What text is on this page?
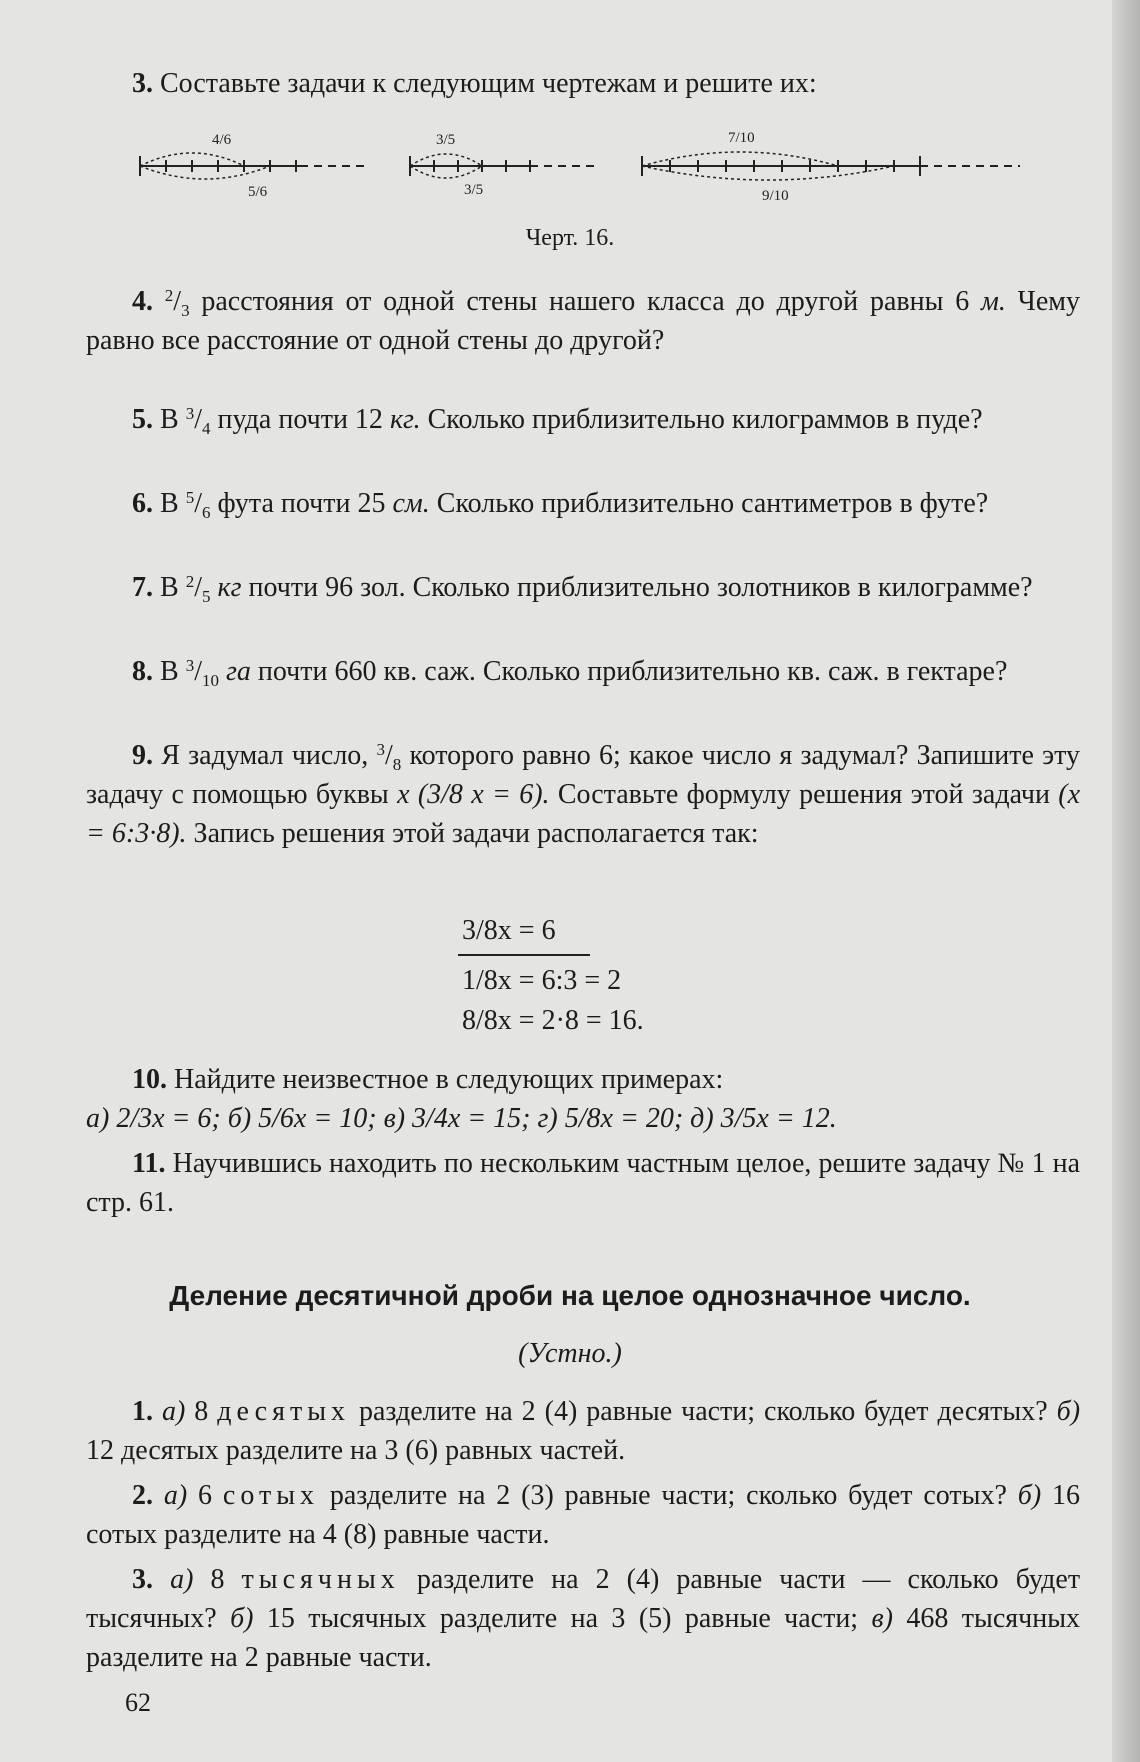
3. Составьте задачи к следующим чертежам и решите их:
4/6
5/6
3/5
3/5
7/10
9/10
Черт. 16.
4. $^2/_3$ расстояния от одной стены нашего класса до другой равны 6 м. Чему равно все расстояние от одной стены до другой?
5. В $^3/_4$ пуда почти 12 кг. Сколько приблизительно килограммов в пуде?
6. В $^5/_6$ фута почти 25 см. Сколько приблизительно сантиметров в футе?
7. В $^2/_5$ кг почти 96 зол. Сколько приблизительно золотников в килограмме?
8. В $^3/_{10}$ га почти 660 кв. саж. Сколько приблизительно кв. саж. в гектаре?
9. Я задумал число, $^3/_8$ которого равно 6; какое число я задумал? Запишите эту задачу с помощью буквы x (3/8 x = 6). Составьте формулу решения этой задачи (x = 6:3·8). Запись решения этой задачи располагается так:
3/8x = 6
1/8x = 6:3 = 2
8/8x = 2·8 = 16.
10. Найдите неизвестное в следующих примерах:
а) 2/3x = 6; б) 5/6x = 10; в) 3/4x = 15; г) 5/8x = 20; д) 3/5x = 12.
11. Научившись находить по нескольким частным целое, решите задачу № 1 на стр. 61.
Деление десятичной дроби на целое однозначное число.
(Устно.)
1. а) 8 десятых разделите на 2 (4) равные части; сколько будет десятых? б) 12 десятых разделите на 3 (6) равных частей.
2. а) 6 сотых разделите на 2 (3) равные части; сколько будет сотых? б) 16 сотых разделите на 4 (8) равные части.
3. а) 8 тысячных разделите на 2 (4) равные части — сколько будет тысячных? б) 15 тысячных разделите на 3 (5) равные части; в) 468 тысячных разделите на 2 равные части.
62
